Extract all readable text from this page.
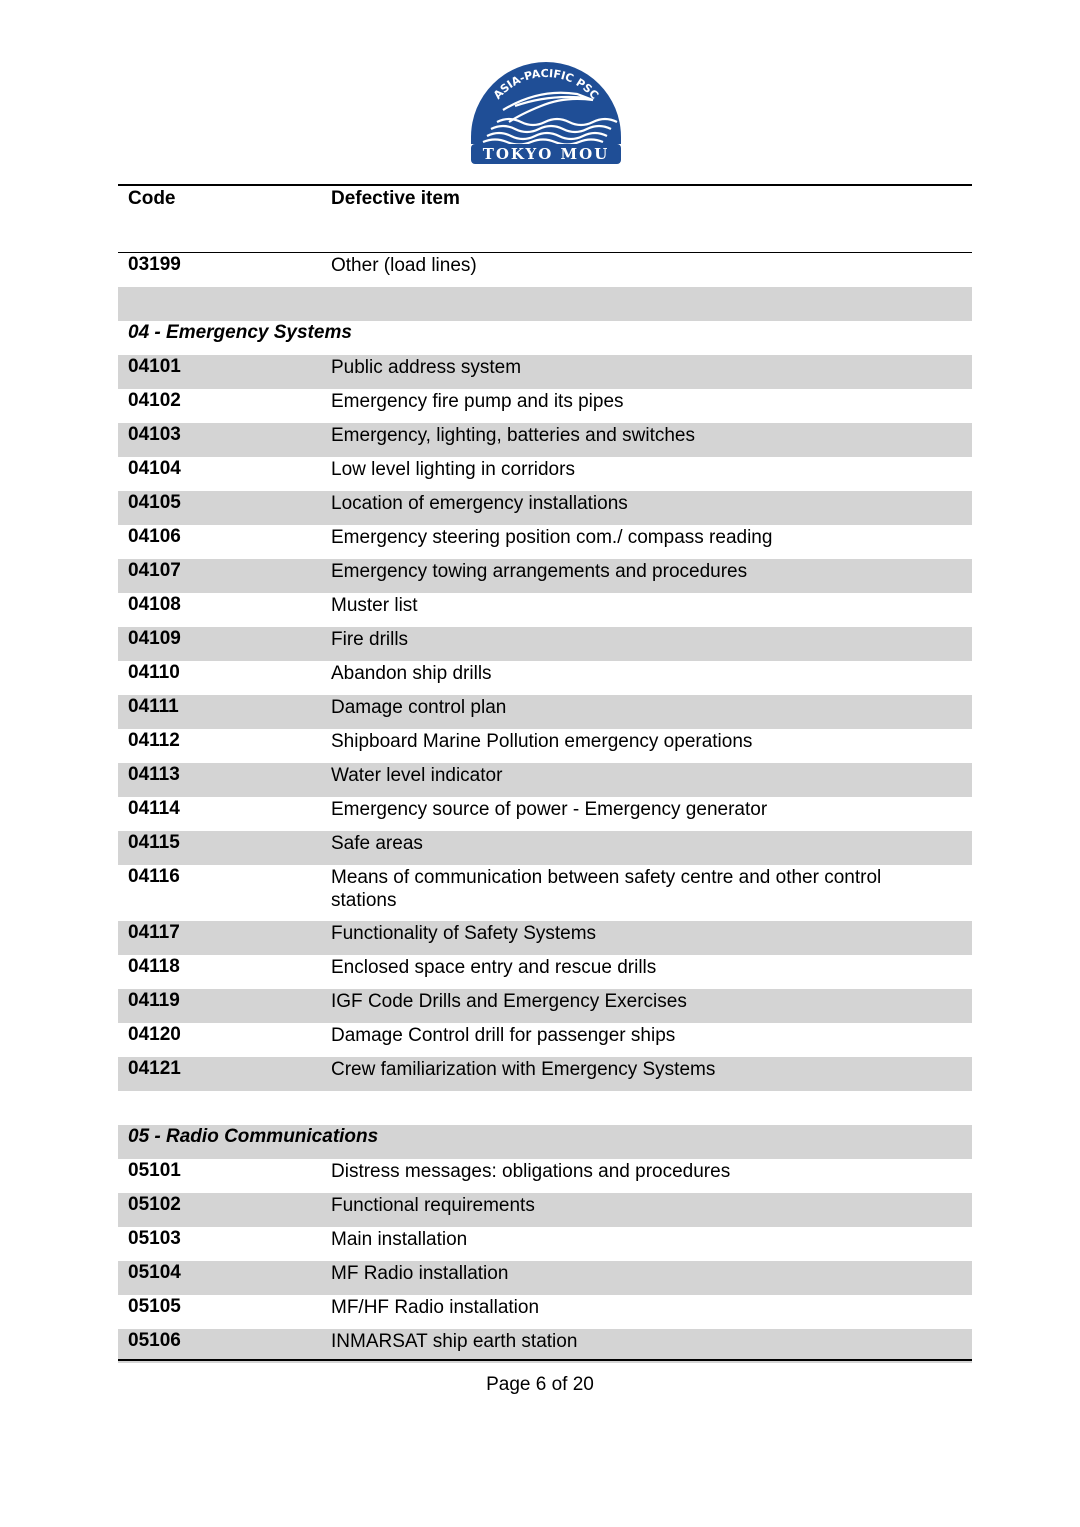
ASIA-PACIFIC PSC
TOKYO MOU
Code	Defective item
03199	Other (load lines)
04 - Emergency Systems
04101	Public address system
04102	Emergency fire pump and its pipes
04103	Emergency, lighting, batteries and switches
04104	Low level lighting in corridors
04105	Location of emergency installations
04106	Emergency steering position com./ compass reading
04107	Emergency towing arrangements and procedures
04108	Muster list
04109	Fire drills
04110	Abandon ship drills
04111	Damage control plan
04112	Shipboard Marine Pollution emergency operations
04113	Water level indicator
04114	Emergency source of power - Emergency generator
04115	Safe areas
04116	Means of communication between safety centre and other control stations
04117	Functionality of Safety Systems
04118	Enclosed space entry and rescue drills
04119	IGF Code Drills and Emergency Exercises
04120	Damage Control drill for passenger ships
04121	Crew familiarization with Emergency Systems
05 - Radio Communications
05101	Distress messages: obligations and procedures
05102	Functional requirements
05103	Main installation
05104	MF Radio installation
05105	MF/HF Radio installation
05106	INMARSAT ship earth station
Page 6 of 20
